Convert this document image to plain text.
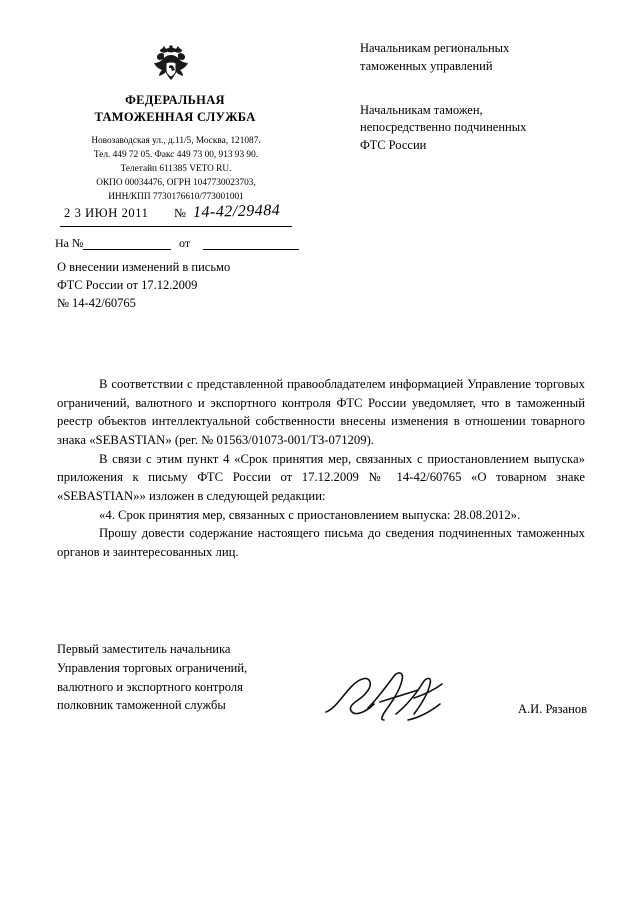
ФЕДЕРАЛЬНАЯ
ТАМОЖЕННАЯ СЛУЖБА
Новозаводская ул., д.11/5, Москва, 121087.
Тел. 449 72 05. Факс 449 73 00, 913 93 90.
Телетайп 611385 VETO RU.
ОКПО 00034476, ОГРН 1047730023703,
ИНН/КПП 7730176610/773001001
2 3 ИЮН 2011 № 14-42/29484
На №	от
Начальникам региональных
таможенных управлений
Начальникам таможен,
непосредственно подчиненных
ФТС России
О внесении изменений в письмо
ФТС России от 17.12.2009
№ 14-42/60765

В соответствии с представленной правообладателем информацией Управление торговых ограничений, валютного и экспортного контроля ФТС России уведомляет, что в таможенный реестр объектов интеллектуальной собственности внесены изменения в отношении товарного знака «SEBASTIAN» (рег. № 01563/01073-001/ТЗ-071209).

В связи с этим пункт 4 «Срок принятия мер, связанных с приостановлением выпуска» приложения к письму ФТС России от 17.12.2009 № 14-42/60765 «О товарном знаке «SEBASTIAN»» изложен в следующей редакции:

«4. Срок принятия мер, связанных с приостановлением выпуска: 28.08.2012».

Прошу довести содержание настоящего письма до сведения подчиненных таможенных органов и заинтересованных лиц.

Первый заместитель начальника
Управления торговых ограничений,
валютного и экспортного контроля
полковник таможенной службы	А.И. Рязанов
